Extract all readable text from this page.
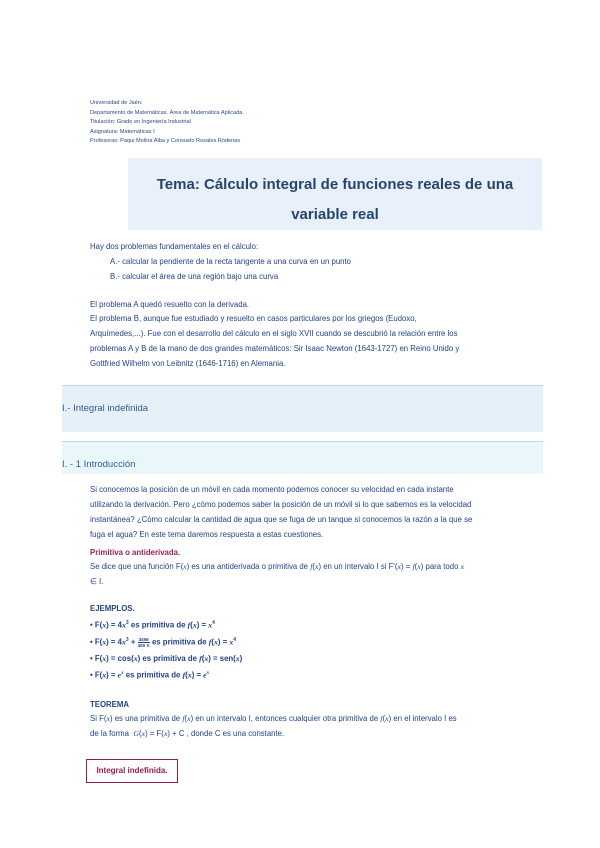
Universidad de Jaén.
Departamento de Matemáticas. Área de Matemática Aplicada.
Titulación: Grado en Ingeniería Industrial
Asignatura: Matemáticas I
Profesoras: Paqui Molina Alba y Consuelo Rosales Ródenas
Tema: Cálculo integral de funciones reales de una
variable real
Hay dos problemas fundamentales en el cálculo:
A.- calcular la pendiente de la recta tangente a una curva en un punto
B.- calcular el área de una región bajo una curva
El problema A quedó resuelto con la derivada.
El problema B, aunque fue estudiado y resuelto en casos particulares por los griegos (Eudoxo,
Arquímedes,...). Fue con el desarrollo del cálculo en el siglo XVII cuando se descubrió la relación entre los
problemas A y B de la mano de dos grandes matemáticos: Sir Isaac Newton (1643-1727) en Reino Unido y
Gottfried Wilhelm von Leibnitz (1646-1716) en Alemania.
I.- Integral indefinida
I. - 1 Introducción
Si conocemos la posición de un móvil en cada momento podemos conocer su velocidad en cada instante
utilizando la derivación. Pero ¿cómo podemos saber la posición de un móvil si lo que sabemos es la velocidad
instantánea? ¿Cómo calcular la cantidad de agua que se fuga de un tanque si conocemos la razón a la que se
fuga el agua? En este tema daremos respuesta a estas cuestiones.
Primitiva o antiderivada.
Se dice que una función F(x) es una antiderivada o primitiva de f(x) en un intervalo I si F'(x) = f(x) para todo x
∈ I.
EJEMPLOS.
• $F(x) = 4x^3$ es primitiva de $f(x) = x^4$
• $F(x) = 4x^3 + \frac{3456}{450 \pi}$ es primitiva de $f(x) = x^4$
• F(x) = cos(x) es primitiva de f(x) = sen(x)
• $F(x) = e^x$ es primitiva de $f(x) = e^x$
TEOREMA
Si F(x) es una primitiva de f(x) en un intervalo I, entonces cualquier otra primitiva de f(x) en el intervalo I es
de la forma  G(x) = F(x) + C , donde C es una constante.
Integral indefinida.
